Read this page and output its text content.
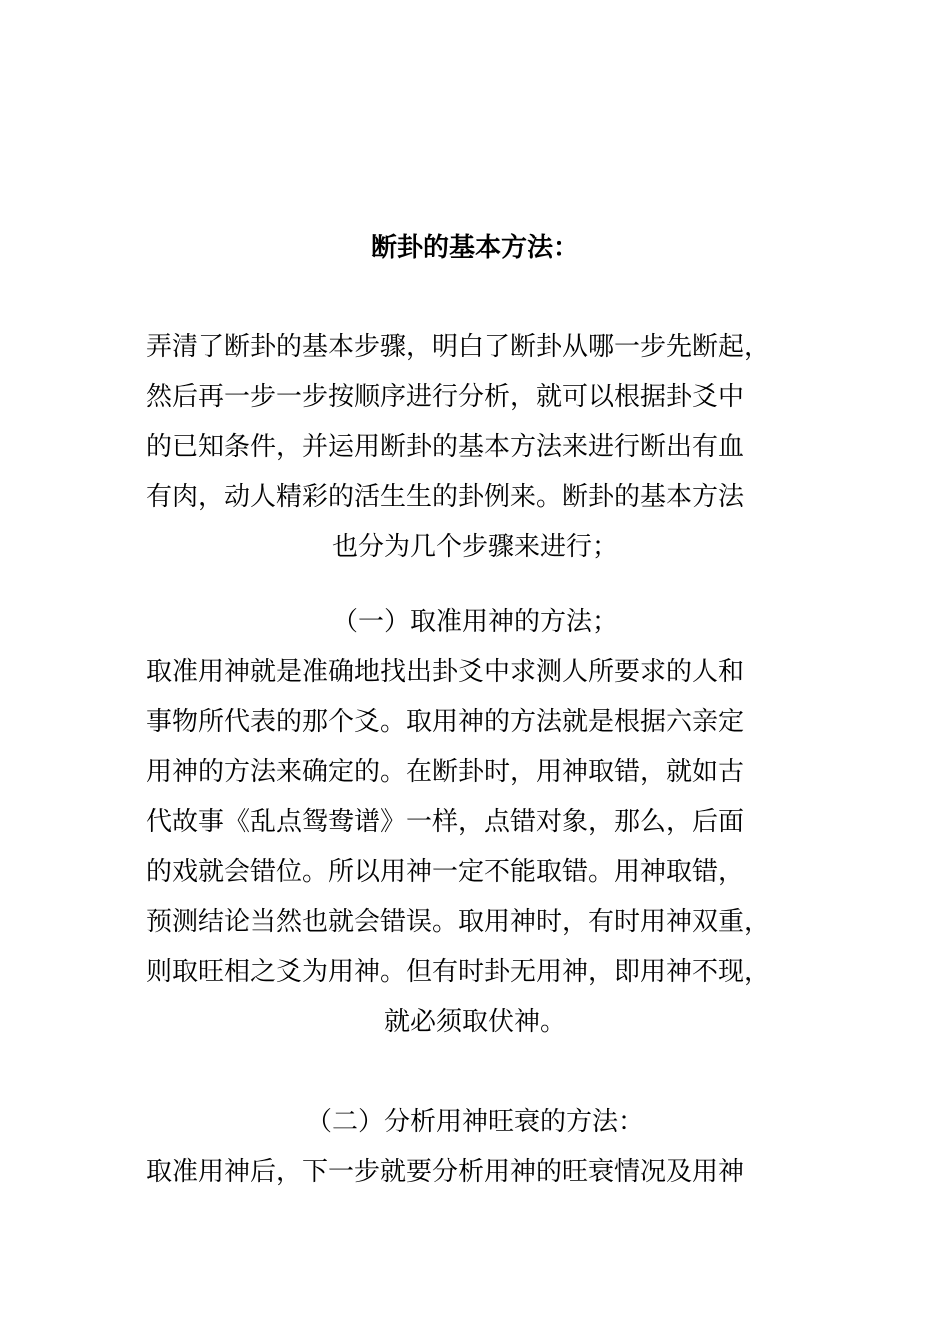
断卦的基本方法：

弄清了断卦的基本步骤，明白了断卦从哪一步先断起，

然后再一步一步按顺序进行分析，就可以根据卦爻中

的已知条件，并运用断卦的基本方法来进行断出有血

有肉，动人精彩的活生生的卦例来。断卦的基本方法

也分为几个步骤来进行；

（一）取准用神的方法；

取准用神就是准确地找出卦爻中求测人所要求的人和

事物所代表的那个爻。取用神的方法就是根据六亲定

用神的方法来确定的。在断卦时，用神取错，就如古

代故事《乱点鸳鸯谱》一样，点错对象，那么，后面

的戏就会错位。所以用神一定不能取错。用神取错，

预测结论当然也就会错误。取用神时，有时用神双重，

则取旺相之爻为用神。但有时卦无用神，即用神不现，

就必须取伏神。

（二）分析用神旺衰的方法：

取准用神后，下一步就要分析用神的旺衰情况及用神
